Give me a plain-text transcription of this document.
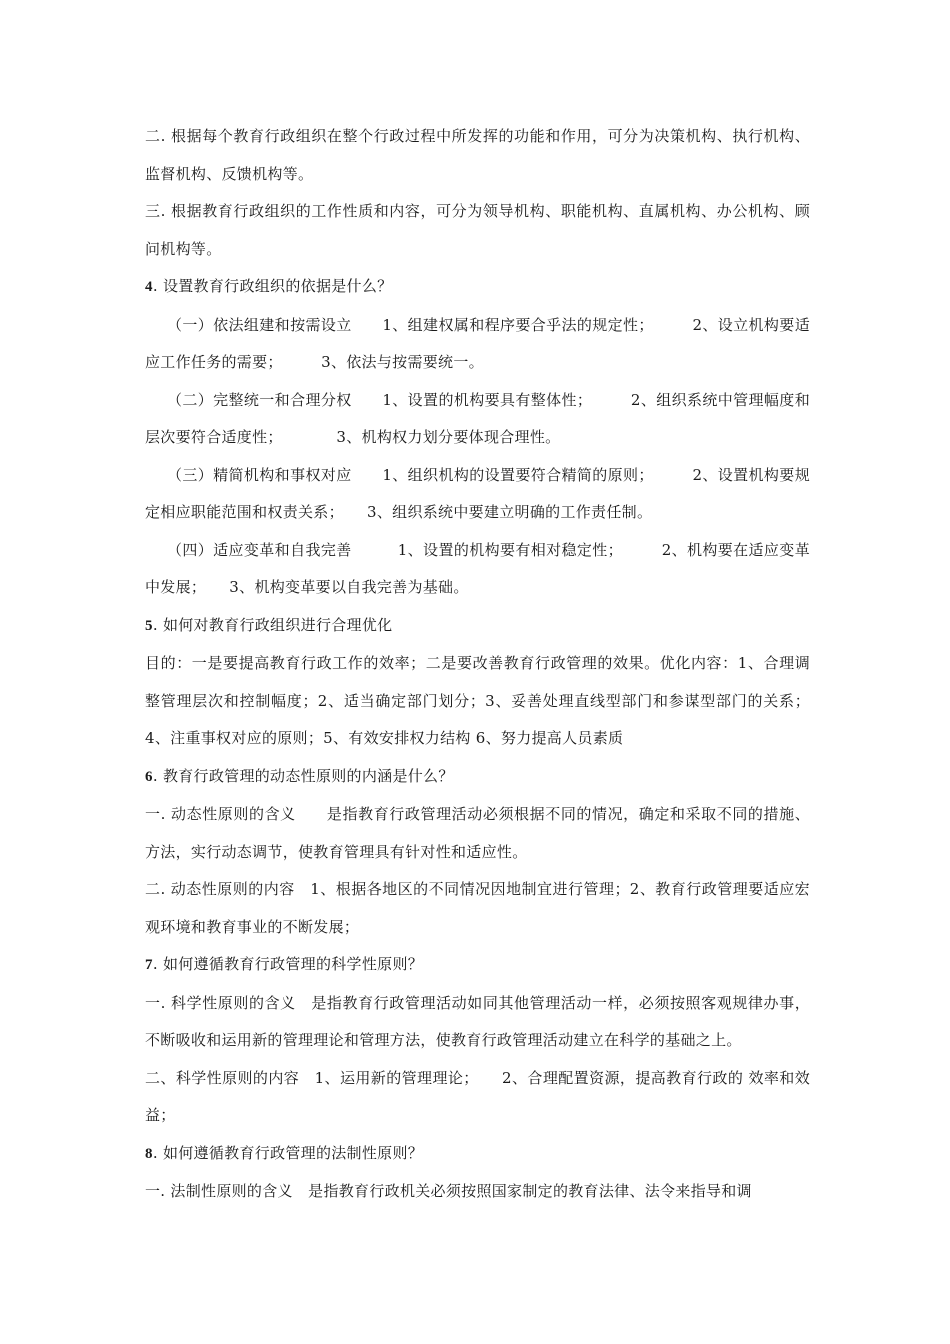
二. 根据每个教育行政组织在整个行政过程中所发挥的功能和作用，可分为决策机构、执行机构、监督机构、反馈机构等。

三. 根据教育行政组织的工作性质和内容，可分为领导机构、职能机构、直属机构、办公机构、顾问机构等。

4. 设置教育行政组织的依据是什么？

（一）依法组建和按需设立　　1、组建权属和程序要合乎法的规定性；　　　2、设立机构要适应工作任务的需要；　　　3、依法与按需要统一。

（二）完整统一和合理分权　　1、设置的机构要具有整体性；　　　2、组织系统中管理幅度和层次要符合适度性；　　　　3、机构权力划分要体现合理性。

（三）精简机构和事权对应　　1、组织机构的设置要符合精简的原则；　　　2、设置机构要规定相应职能范围和权责关系；　　3、组织系统中要建立明确的工作责任制。

（四）适应变革和自我完善　　　1、设置的机构要有相对稳定性；　　　2、机构要在适应变革中发展；　　3、机构变革要以自我完善为基础。

5. 如何对教育行政组织进行合理优化

目的：一是要提高教育行政工作的效率；二是要改善教育行政管理的效果。优化内容：1、合理调整管理层次和控制幅度；2、适当确定部门划分；3、妥善处理直线型部门和参谋型部门的关系；4、注重事权对应的原则；5、有效安排权力结构 6、努力提高人员素质

6. 教育行政管理的动态性原则的内涵是什么？

一. 动态性原则的含义　　是指教育行政管理活动必须根据不同的情况，确定和采取不同的措施、方法，实行动态调节，使教育管理具有针对性和适应性。

二. 动态性原则的内容　1、根据各地区的不同情况因地制宜进行管理；2、教育行政管理要适应宏观环境和教育事业的不断发展；

7. 如何遵循教育行政管理的科学性原则？

一. 科学性原则的含义　是指教育行政管理活动如同其他管理活动一样，必须按照客观规律办事，不断吸收和运用新的管理理论和管理方法，使教育行政管理活动建立在科学的基础之上。

二、科学性原则的内容　1、运用新的管理理论；　　2、合理配置资源，提高教育行政的 效率和效益；

8. 如何遵循教育行政管理的法制性原则？

一. 法制性原则的含义　是指教育行政机关必须按照国家制定的教育法律、法令来指导和调
